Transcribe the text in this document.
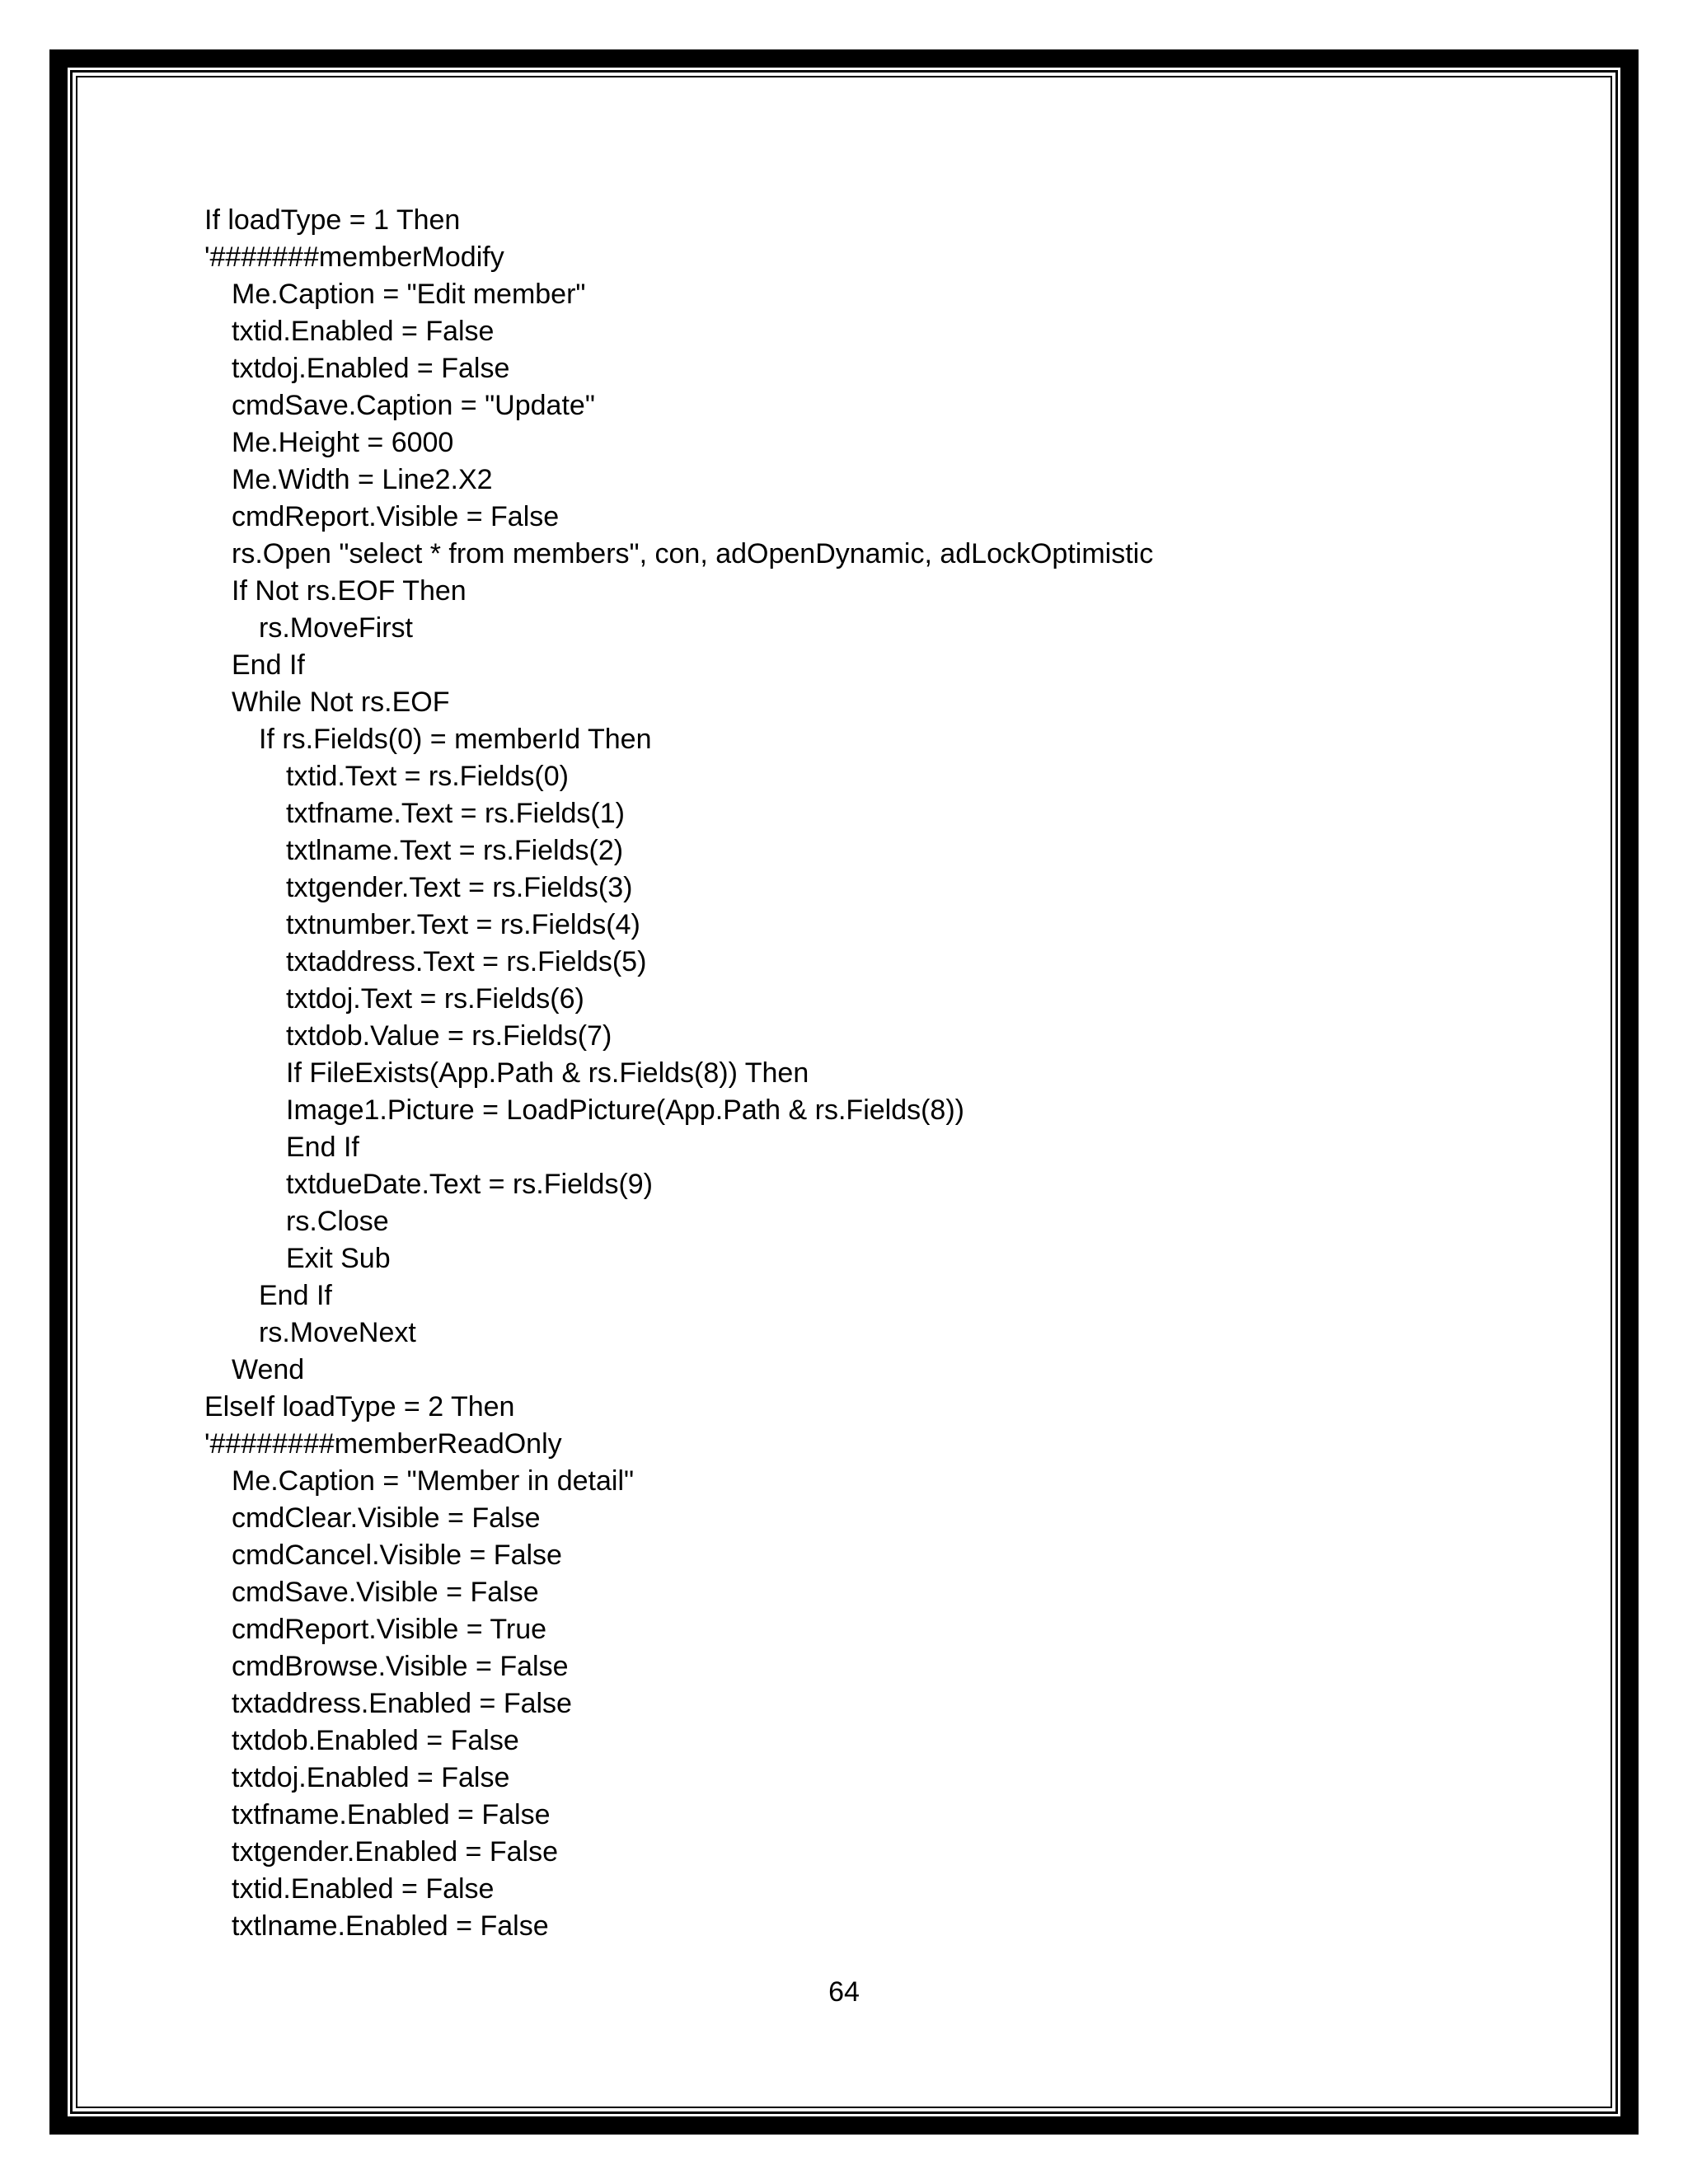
If loadType = 1 Then
'#######memberModify
Me.Caption = "Edit member"
txtid.Enabled = False
txtdoj.Enabled = False
cmdSave.Caption = "Update"
Me.Height = 6000
Me.Width = Line2.X2
cmdReport.Visible = False
rs.Open "select * from members", con, adOpenDynamic, adLockOptimistic
If Not rs.EOF Then
rs.MoveFirst
End If
While Not rs.EOF
If rs.Fields(0) = memberId Then
txtid.Text = rs.Fields(0)
txtfname.Text = rs.Fields(1)
txtlname.Text = rs.Fields(2)
txtgender.Text = rs.Fields(3)
txtnumber.Text = rs.Fields(4)
txtaddress.Text = rs.Fields(5)
txtdoj.Text = rs.Fields(6)
txtdob.Value = rs.Fields(7)
If FileExists(App.Path & rs.Fields(8)) Then
Image1.Picture = LoadPicture(App.Path & rs.Fields(8))
End If
txtdueDate.Text = rs.Fields(9)
rs.Close
Exit Sub
End If
rs.MoveNext
Wend
ElseIf loadType = 2 Then
'########memberReadOnly
Me.Caption = "Member in detail"
cmdClear.Visible = False
cmdCancel.Visible = False
cmdSave.Visible = False
cmdReport.Visible = True
cmdBrowse.Visible = False
txtaddress.Enabled = False
txtdob.Enabled = False
txtdoj.Enabled = False
txtfname.Enabled = False
txtgender.Enabled = False
txtid.Enabled = False
txtlname.Enabled = False
64
